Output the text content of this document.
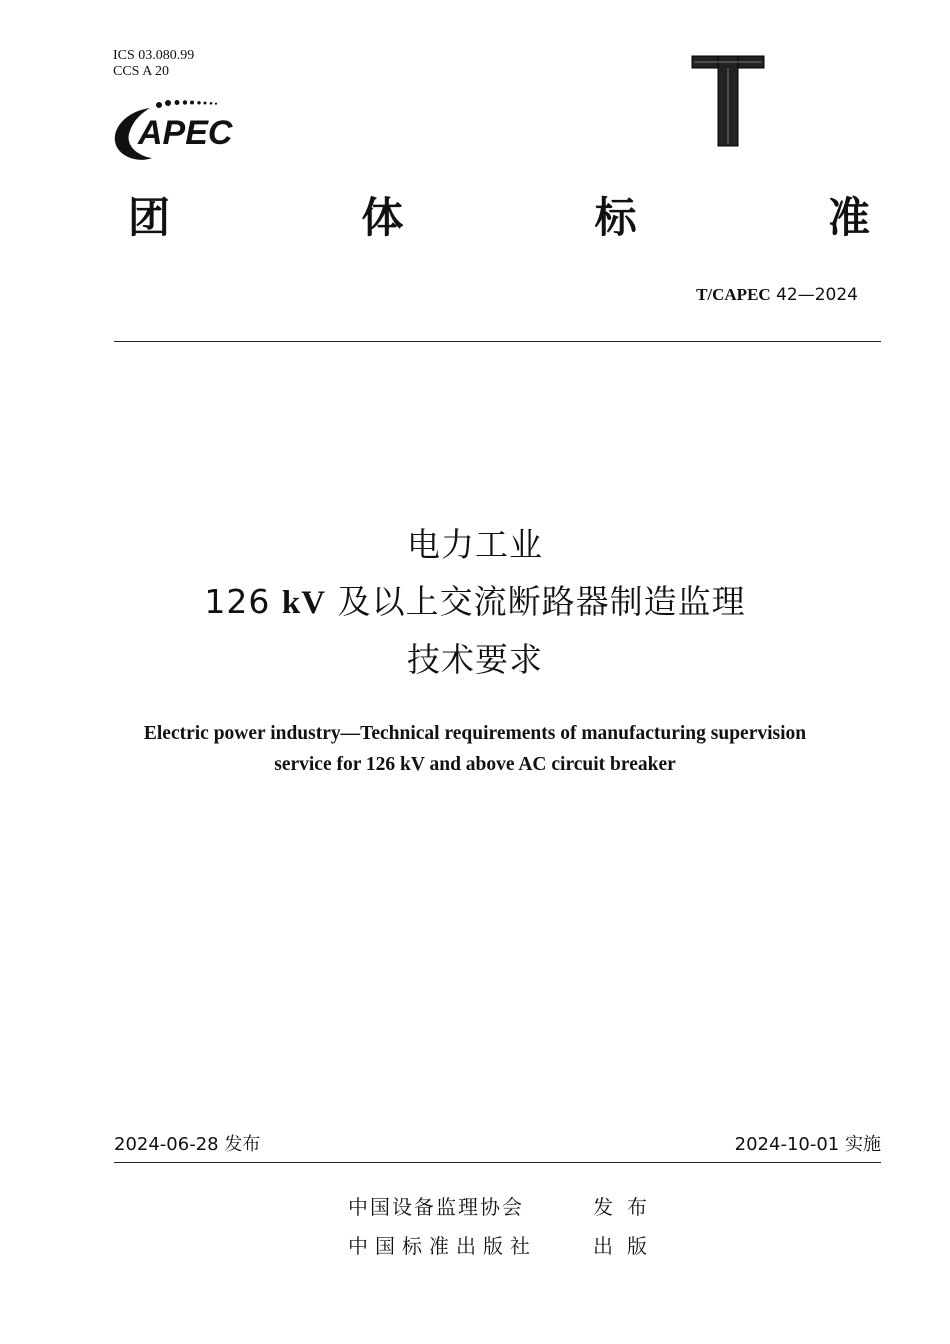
ICS 03.080.99
CCS A 20
APEC
团	体	标	准
T/CAPEC 42—2024
电力工业
126 kV 及以上交流断路器制造监理
技术要求
Electric power industry—Technical requirements of manufacturing supervision
service for 126 kV and above AC circuit breaker
2024-06-28 发布	2024-10-01 实施
中国设备监理协会	发布
中国标准出版社	出版
